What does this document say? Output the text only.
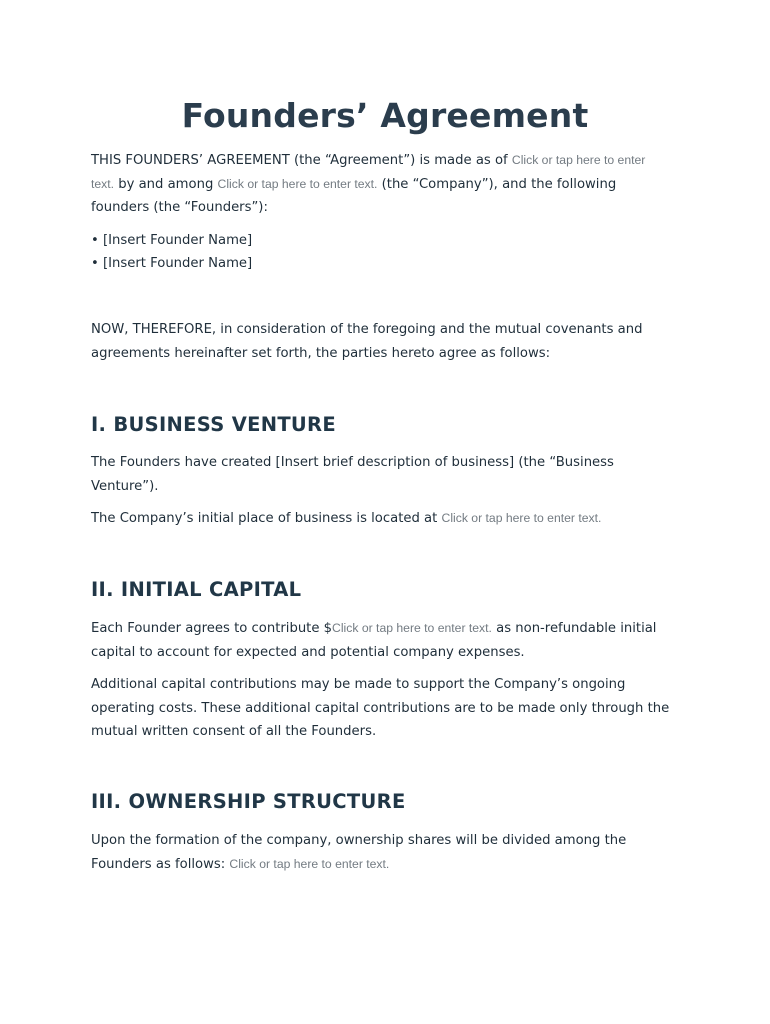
Founders’ Agreement

THIS FOUNDERS’ AGREEMENT (the “Agreement”) is made as of Click or tap here to enter
text. by and among Click or tap here to enter text. (the “Company”), and the following
founders (the “Founders”):

• [Insert Founder Name]

• [Insert Founder Name]

NOW, THEREFORE, in consideration of the foregoing and the mutual covenants and
agreements hereinafter set forth, the parties hereto agree as follows:

I. BUSINESS VENTURE

The Founders have created [Insert brief description of business] (the “Business
Venture”).

The Company’s initial place of business is located at Click or tap here to enter text.

II. INITIAL CAPITAL

Each Founder agrees to contribute $Click or tap here to enter text. as non-refundable initial
capital to account for expected and potential company expenses.

Additional capital contributions may be made to support the Company’s ongoing
operating costs. These additional capital contributions are to be made only through the
mutual written consent of all the Founders.

III. OWNERSHIP STRUCTURE

Upon the formation of the company, ownership shares will be divided among the
Founders as follows: Click or tap here to enter text.
